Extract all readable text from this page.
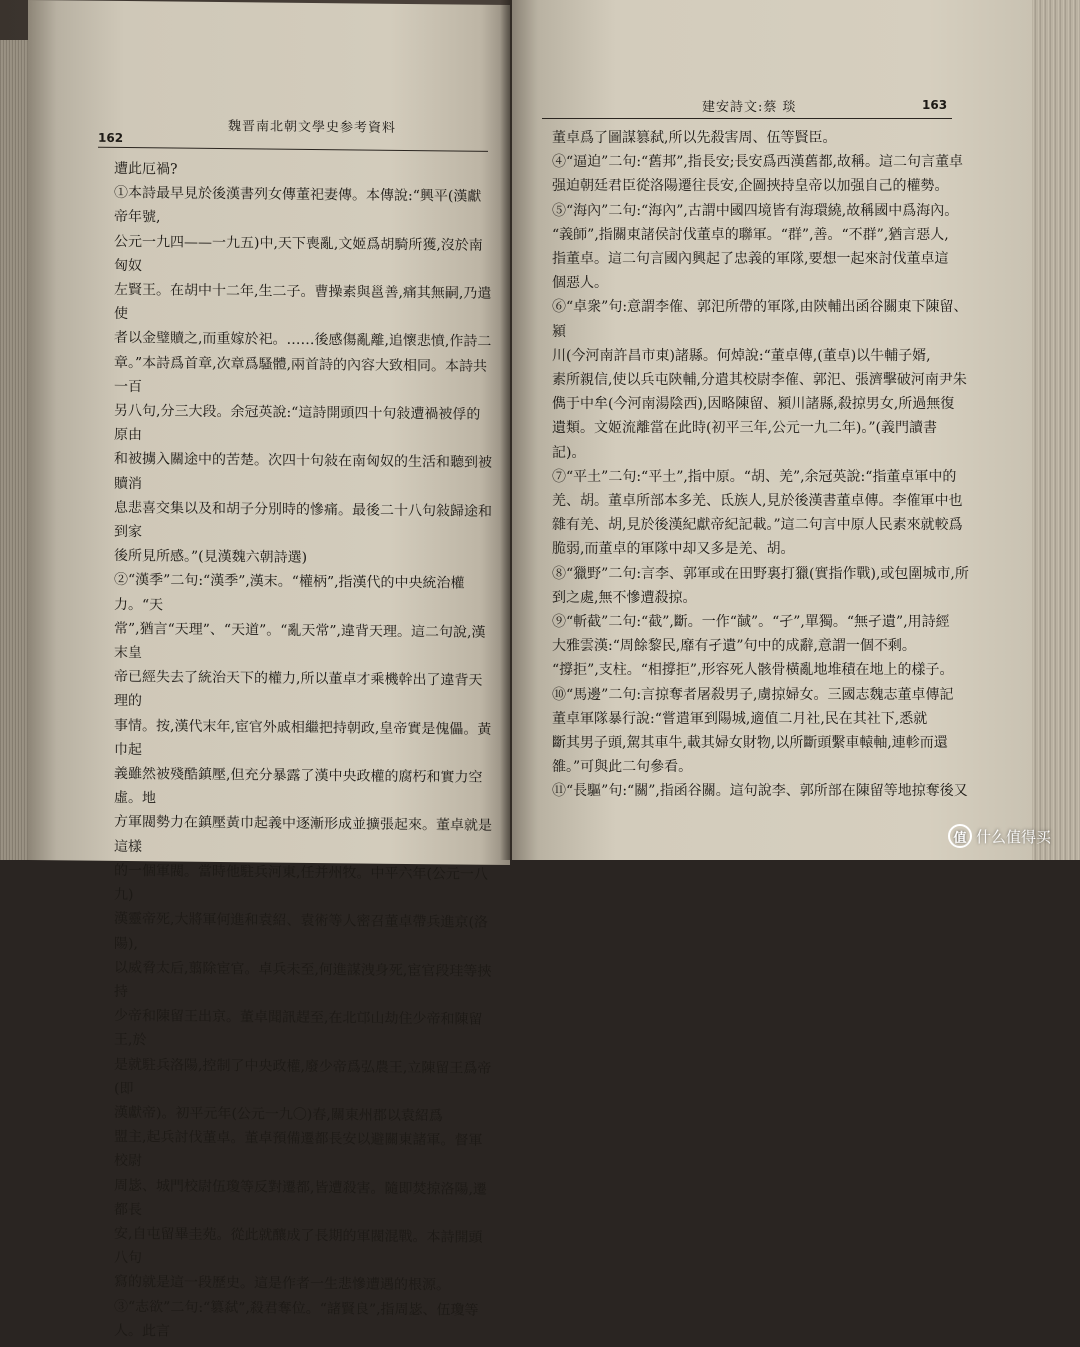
162
魏晋南北朝文學史参考資料

遭此厄禍?

①本詩最早見於後漢書列女傳董祀妻傳。本傳說:“興平(漢獻帝年號,

公元一九四——一九五)中,天下喪亂,文姬爲胡騎所獲,沒於南匈奴

左賢王。在胡中十二年,生二子。曹操素與邕善,痛其無嗣,乃遣使

者以金璧贖之,而重嫁於祀。……後感傷亂離,追懷悲憤,作詩二

章。”本詩爲首章,次章爲騷體,兩首詩的內容大致相同。本詩共一百

另八句,分三大段。余冠英說:“這詩開頭四十句敍遭禍被俘的原由

和被擄入關途中的苦楚。次四十句敍在南匈奴的生活和聽到被贖消

息悲喜交集以及和胡子分別時的慘痛。最後二十八句敍歸途和到家

後所見所感。”(見漢魏六朝詩選)

②“漢季”二句:“漢季”,漢末。“權柄”,指漢代的中央統治權力。“天

常”,猶言“天理”、“天道”。“亂天常”,違背天理。這二句說,漢末皇

帝已經失去了統治天下的權力,所以董卓才乘機幹出了違背天理的

事情。按,漢代末年,宦官外戚相繼把持朝政,皇帝實是傀儡。黃巾起

義雖然被殘酷鎮壓,但充分暴露了漢中央政權的腐朽和實力空虛。地

方軍閥勢力在鎮壓黃巾起義中逐漸形成並擴張起來。董卓就是這樣

的一個軍閥。當時他駐兵河東,任并州牧。中平六年(公元一八九)

漢靈帝死,大將軍何進和袁紹、袁術等人密召董卓帶兵進京(洛陽),

以威脅太后,翦除宦官。卓兵未至,何進謀洩身死,宦官段珪等挾持

少帝和陳留王出京。董卓聞訊趕至,在北邙山劫住少帝和陳留王,於

是就駐兵洛陽,控制了中央政權,廢少帝爲弘農王,立陳留王爲帝(即

漢獻帝)。初平元年(公元一九〇)春,關東州郡以袁紹爲

盟主,起兵討伐董卓。董卓預備遷都長安以避關東諸軍。督軍校尉

周毖、城門校尉伍瓊等反對遷都,皆遭殺害。隨即焚掠洛陽,遷都長

安,自屯留畢圭苑。從此就釀成了長期的軍閥混戰。本詩開頭八句

寫的就是這一段歷史。這是作者一生悲慘遭遇的根源。

③“志欲”二句:“篡弑”,殺君奪位。“諸賢良”,指周毖、伍瓊等人。此言

建安詩文:蔡 琰	163

董卓爲了圖謀篡弑,所以先殺害周、伍等賢臣。

④“逼迫”二句:“舊邦”,指長安;長安爲西漢舊都,故稱。這二句言董卓

强迫朝廷君臣從洛陽遷往長安,企圖挾持皇帝以加强自己的權勢。

⑤“海內”二句:“海內”,古謂中國四境皆有海環繞,故稱國中爲海內。

“義師”,指關東諸侯討伐董卓的聯軍。“群”,善。“不群”,猶言惡人,

指董卓。這二句言國內興起了忠義的軍隊,要想一起來討伐董卓這

個惡人。

⑥“卓衆”句:意謂李傕、郭汜所帶的軍隊,由陝輔出函谷關東下陳留、潁

川(今河南許昌市東)諸縣。何焯說:“董卓傳,(董卓)以牛輔子婿,

素所親信,使以兵屯陝輔,分遣其校尉李傕、郭汜、張濟擊破河南尹朱

儁于中牟(今河南湯陰西),因略陳留、潁川諸縣,殺掠男女,所過無復

遺類。文姬流離當在此時(初平三年,公元一九二年)。”(義門讀書

記)。

⑦“平土”二句:“平土”,指中原。“胡、羌”,余冠英說:“指董卓軍中的

羌、胡。董卓所部本多羌、氐族人,見於後漢書董卓傳。李傕軍中也

雜有羌、胡,見於後漢紀獻帝紀記載。”這二句言中原人民素來就較爲

脆弱,而董卓的軍隊中却又多是羌、胡。

⑧“獵野”二句:言李、郭軍或在田野裏打獵(實指作戰),或包圍城市,所

到之處,無不慘遭殺掠。

⑨“斬截”二句:“截”,斷。一作“馘”。“孑”,單獨。“無孑遺”,用詩經

大雅雲漢:“周餘黎民,靡有孑遺”句中的成辭,意謂一個不剩。

“撐拒”,支柱。“相撐拒”,形容死人骸骨橫亂地堆積在地上的樣子。

⑩“馬邊”二句:言掠奪者屠殺男子,虜掠婦女。三國志魏志董卓傳記

董卓軍隊暴行說:“嘗遣軍到陽城,適值二月社,民在其社下,悉就

斷其男子頭,駕其車牛,載其婦女財物,以所斷頭繫車轅軸,連軫而還

雒。”可與此二句參看。

⑪“長驅”句:“關”,指函谷關。這句說李、郭所部在陳留等地掠奪後又

值 什么值得买
